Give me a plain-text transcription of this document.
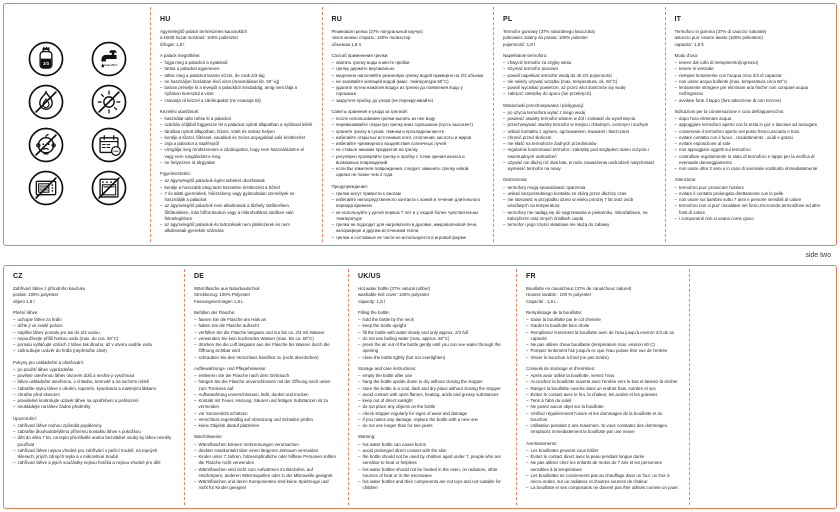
2/3	max 60°c
max
HU
Ágymelegítő palack természetes kaucsukból
a kötött huzat mosható: 100% poliészter
űrfogat: 1,8 l
A palack megtöltése:
– fogja meg a palackot a nyakánál
– tartsa a palackot egyenesen
– töltse meg a palackot lassan vízzel, de csak 2/3-áig
– ne használjon forrásban lévő vizet (maximálisan kb. 60°-ig)
– lassan préselje ki a levegőt a palackból mindaddig, amíg nem látja a nyíláson keresztül a vizet
– csavarja rá kézzel a zárókupakot (ne csavarja túl)
Kezelési utasítások:
– használat után ürítse ki a palackot
– szárítás céljából függessze fel a palackot nyitott állapotban a nyílással lefelé
– tárolása nyitott állapotban, hűvös, sötét és száraz helyen
– kerülje a tűzzel, fűtéssel, savakkal és zsíros anyagokkal való érintkezést
– óvja a palackot a napfénytől
– vizsgálja meg rendszeresen a zárókupakot, hogy nem használódott-e el vagy nem rongálódott-e meg
– ne helyezzen rá tárgyakat
Figyelmeztetés:
– az ágymelegítő palackok égési sebeket okozhatnak
– kerülje a hosszabb ideig tartó közvetlen érintkezést a bőrrel
– 7 év alatti gyermekek, hőérzékeny vagy gyámoltalan személyek ne használják a palackot
– az ágymelegítő palackok nem alkalmasak a tűzhely sütőterében, fűtőtesteken, más hőforrásokon vagy a mikrohullámú sütőben való felmelegítésre
– az ágymelegítő palackok és tartozékaik nem játékszerek és nem alkalmasak gyerekek számára
RU
Резиновая грелка (37% натуральный каучук)
чехол можно стирать: 100% полиэстер
объемом 1,8 л
Способ применения грелки:
– хватать грелку воды в месте пробки
– грелку держите вертикально
– медленно наполняйте резиновую грелку водой примерно на 2/3 объема
– не заливайте кипящей водой (макс. температура 60°C)
– удалите путем нажатия воздух из грелки до появления воды у горлышка
– закрутите пробку до упора (не перекручивайте)
Советы хранения и ухода за грелкой:
– после использования грелки вылить из нее воду
– перевешивайте открытую грелку вниз горлышком (пусть высохнет)
– храните грелку в сухом, темном и прохладном месте
– избегайте открытых источников огня, отопления, кислоты и жиров
– избегайте чрезмерного воздействия солнечных лучей
– не ставьте никаких предметов на грелку
– регулярно проверяйте грелку и пробку с точки зрения износа и возможных повреждений
– если Вы заметили повреждения, следует заменить грелку новой, однако не позже чем 2 года
Предупреждения:
– грелки могут привести к ожогам
– избегайте непосредственного контакта с кожей в течение длительного периода времени
– не используйте у детей первых 7 лет и у людей более чувствительны температуре
– грелка не подходит для нагревателя в духовке, микроволновой печи, калорифере и другим источником тепла
– грелка и составные ее части не используются в игровой форме
PL
Termofor gumowy (37% naturalnego kauczuka)
pokrowiec zdatny do prania: 100% poliester
pojemność: 1,8 l
Napełnianie termoforu:
– chwycić termofor za szyjkę wlotu
– trzymać termofor pionowo
– powoli napełniać termofor wodą do ok 2/3 pojemności
– nie należy używać wrzątku (max. temperatura: ok. 60°C)
– powoli wyciskać powietrze, aż przez wlot dostrzeże się wodę
– zakręcić zakrętkę do oporu (nie przekręcić)
Wskazówki przechowywania i pielęgnacji:
– po użyciu termofora wylać z niego wodę
– powiesić otwarty termofor wlotem w dół i zostawić do wyschnięcia
– przechowywać otwarty termofor w miejscu chłodnym, ciemnym i suchym
– unikać kontaktu z ogniem, ogrzewaniem, kwasami i tłuszczami
– chronić przed słońcem
– nie kłaść na termoforze żadnych przedmiotów
– regularnie kontrolować termofor i zakrętkę pod względem stanu zużycia i ewentualnych uszkodzeń
– używać nie dłużej niż dwa lata, w razie zauważenia uszkodzeń natychmiast wymienić termofor na nowy
Ostrzeżenia:
– termofory mogą spowodować oparzenia
– unikać bezpośredniego kontaktu ze skórą przez dłuższy czas
– nie stosować w przypadku dzieci w wieku poniżej 7 lat oraz osób wrażliwych na temperaturę
– termofory nie nadają się do nagrzewania w piekarniku, mikrofalówce, na kaloryferze oraz innych źródłach ciepła
– termofor i jego części składowe nie służą do zabawy
IT
Termoforo in gomma (37% di caucciu' naturale)
astuccio puo' essere lavato (100% poliestere)
capacita': 1,8 lt
Modo d'uso:
– tenere dal collo di riempimento(ingresso)
– tenere in verticale
– riempire lentamente con l'acqua circa 2/3 di capacita'
– non usare acqua bollente (max. temperatura circa 60°c)
– lentamente stringere per eliminare aria finche' non compare acqua nell'ingresso
– avvitare forte il tappo (fare attenzione di non torcere)
Indicazioni per la conservazione e cura dell'apparecchio:
– dopo l'uso eliminare acqua
– appoggiare termoforo aperto con la testa in giu' e lasciare ad asciugare
– conservare il termoforo aperto nel posto fresco,asciutto e buio
– evitare contatto con il fuoco , riscaldamento , acidi e grassi
– evitare esposizione al sole
– non appoggiare oggetti sul termoforo
– controllare regolarmente lo stato di termoforo e tappo per la verifica di eventuale danneggiamento
– non usare oltre 2 anni e in caso di anomalie sostituirlo immediatamente
Attenzione:
– termoforo puo' provocare l'ustioni
– evitare il contatto prolungato direttamente con la pelle
– non usare sui bambini sotto 7 anni e persone sensibili al calore
– termoforo non si puo' riscaldare nel forno,microonde,termosifone ed altre fonti di calore
– i componenti non si usano come gioco
side two
CZ
Zahřívací láhev z přírodního kaučuku
povlak: 100% polyester
objem 1,8 l
Plnění láhve:
– uchopte láhev za hrdlo
– držte ji ve svislé poloze
– naplňte láhev pomalu jen asi do 2/3 vodou
– nepoužívejte příliš horkou vodu (max. do cca. 60°C)
– pomalu vytlačujte vzduch z láhve tak dlouho, až v otvoru uvidíte vodu
– zašroubujte uzávěr do hrdla (nepřetočte závit)
Pokyny pro uskladnění a ošetřování:
– po použití láhev vyprázdněte
– pověste otevřenou láhev otvorem dolů a nechte ji vyschnout
– láhev uskladněte otevřenou, v chladnu, temnotě a na suchém místě
– zabraňte styku láhve s ohněm, topením, kyselinami a mastnými látkami
– chraňte před sluncem
– pravidelně kontrolujte uzávěr láhve na opotřebení a poškození
– neukládejte na láhev žádné předměty
Upozornění:
– zahřívací láhve mohou způsobit popáleniny
– zabraňte dlouhodobějšímu přímému kontaktu láhve s pokožkou
– děti do věku 7 let, na teplo přecitlivělé anebo bezvládné osoby by láhev neměly používat
– zahřívací láhve nejsou vhodné pro zahřívání v pečicí troubě, na topných tělesech, jiných zdrojích tepla a v mikrovlnné troubě
– zahřívací láhve a jejich součástky nejsou hračka a nejsou vhodné pro děti
DE
Wärmflasche aus Naturkautschuk
Strickbezug: 100% Polyester
Fassungsvermögen 1,8 L
Befüllen der Flasche:
– fassen Sie die Flasche am Hals an
– halten Sie die Flasche aufrecht
– verfüllen Sie die Flasche langsam und nur bis ca. 2/3 mit Wasser
– verwenden Sie kein kochendes Wasser (max. bis ca. 60°C)
– drücken Sie die Luft langsam aus der Flasche bis Wasser durch die Öffnung sichtbar wird
– schrauben Sie den Verschluss handfest zu (nicht überdrehen)
Aufbewahrungs- und Pflegehinweise:
– entleeren Sie die Flasche nach dem Gebrauch
– hängen Sie die Flasche unverschlossen mit der Öffnung nach unten zum Trocknen auf
– Aufbewahrung unverschlossen, kühl, dunkel und trocken
– Kontakt mit Feuer, Heizung, Säuren und fettigen Substanzen ist zu vermeiden
– vor Sonnenlicht schützen
– Verschluss regelmäßig auf Abnutzung und Schaden prüfen
– keine Objekte darauf platzieren
Warnhinweise:
– Wärmflaschen können Verbrennungen verursachen
– direkter Hautkontakt über einen längeren Zeitraum vermeiden
– Kinder unter 7 Jahren, hitzeempfindliche oder hilflose Personen sollten die Flasche nicht verwenden
– Wärmflaschen sind nicht zum Aufwärmen im Backofen, auf Heizkörpern, anderen Wärmequellen oder in der Mikrowelle geeignet
– Wärmflaschen und deren Komponenten sind keine Spielzeuge und nicht für Kinder geeignet
UK/US
Hot water bottle (37% natural rubber)
washable knit cover: 100% polyester
capacity: 1,8 l
Filling the bottle:
– hold the bottle by the neck
– keep the bottle upright
– fill the bottle with water slowly and only approx. 2/3 full
– do not use boiling water (max. approx. 60°C)
– press the air out of the bottle gently until you can see water through the opening
– close the bottle tightly (but not overtighten)
Storage and care instructions:
– empty the bottle after use
– hang the bottle upside down to dry without closing the stopper
– store the bottle in a cool, dark and dry place without closing the stopper
– avoid contact with open flames, heating, acids and greasy substances
– keep out of direct sunlight
– do not place any objects on the bottle
– check stopper regularly for signs of wear and damage
– if you notice any damage, replace the bottle with a new one
– do not use longer than for two years
Warning:
– hot water bottle can cause burns
– avoid prolonged direct contact with the skin
– the bottle should not be used by children aged under 7, people who are sensitive to heat or helpless
– hot water bottles should not be heated in the oven, on radiators, other sources of heat or in the microwave
– hot water bottles and their components are not toys and not suitable for children
FR
Bouillotte en caoutchouc (37% de caoutchouc naturel)
Housse lavable : 100 % polyester
Capacité : 1,8 L.
Remplissage de la bouillotte:
– Saisir la bouillotte par le col d'entrée
– Garder la bouillotte bien droite
– Remplissez lentement la bouillotte avec de l'eau jusqu'à environ 2/3 de sa capacité
– Ne pas utiliser d'eau bouillante (température max. environ 60 C)
– Pompez lentement l'air jusqu'à ce que l'eau puisse être vue de l'entrée
– Visser le bouchon à fond (ne pas tordre)
Conseils de stockage et d'entretien:
– Après avoir utilisé la bouillotte, versez l'eau
– Accrochez la bouillotte ouverte avec l'entrée vers le bas et laissez-la sécher
– Rangez la bouillotte ouverte dans un endroit frais, sombre et sec
– Évitez le contact avec le feu, la chaleur, les acides et les graisses
– Tenir à l'abri du soleil
– Ne posez aucun objet sur la bouillotte
– Vérifiez régulièrement l'usure et les dommages de la bouillotte et du bouchon
– Utilisation pendant 2 ans maximum. Si vous constatez des dommages, remplacez immédiatement la bouillotte par une neuve
Avertissements:
– Les bouillottes peuvent vous brûler
– Évitez le contact direct avec la peau pendant longue durée
– Ne pas utiliser chez les enfants de moins de 7 ans et les personnes sensibles à la température
– Les bouillottes ne conviennent pas au chauffage dans un four, un four à micro-ondes, sur un radiateur et d'autres sources de chaleur
– La bouillotte et ses composants ne doivent pas être utilisés comme un jouet
